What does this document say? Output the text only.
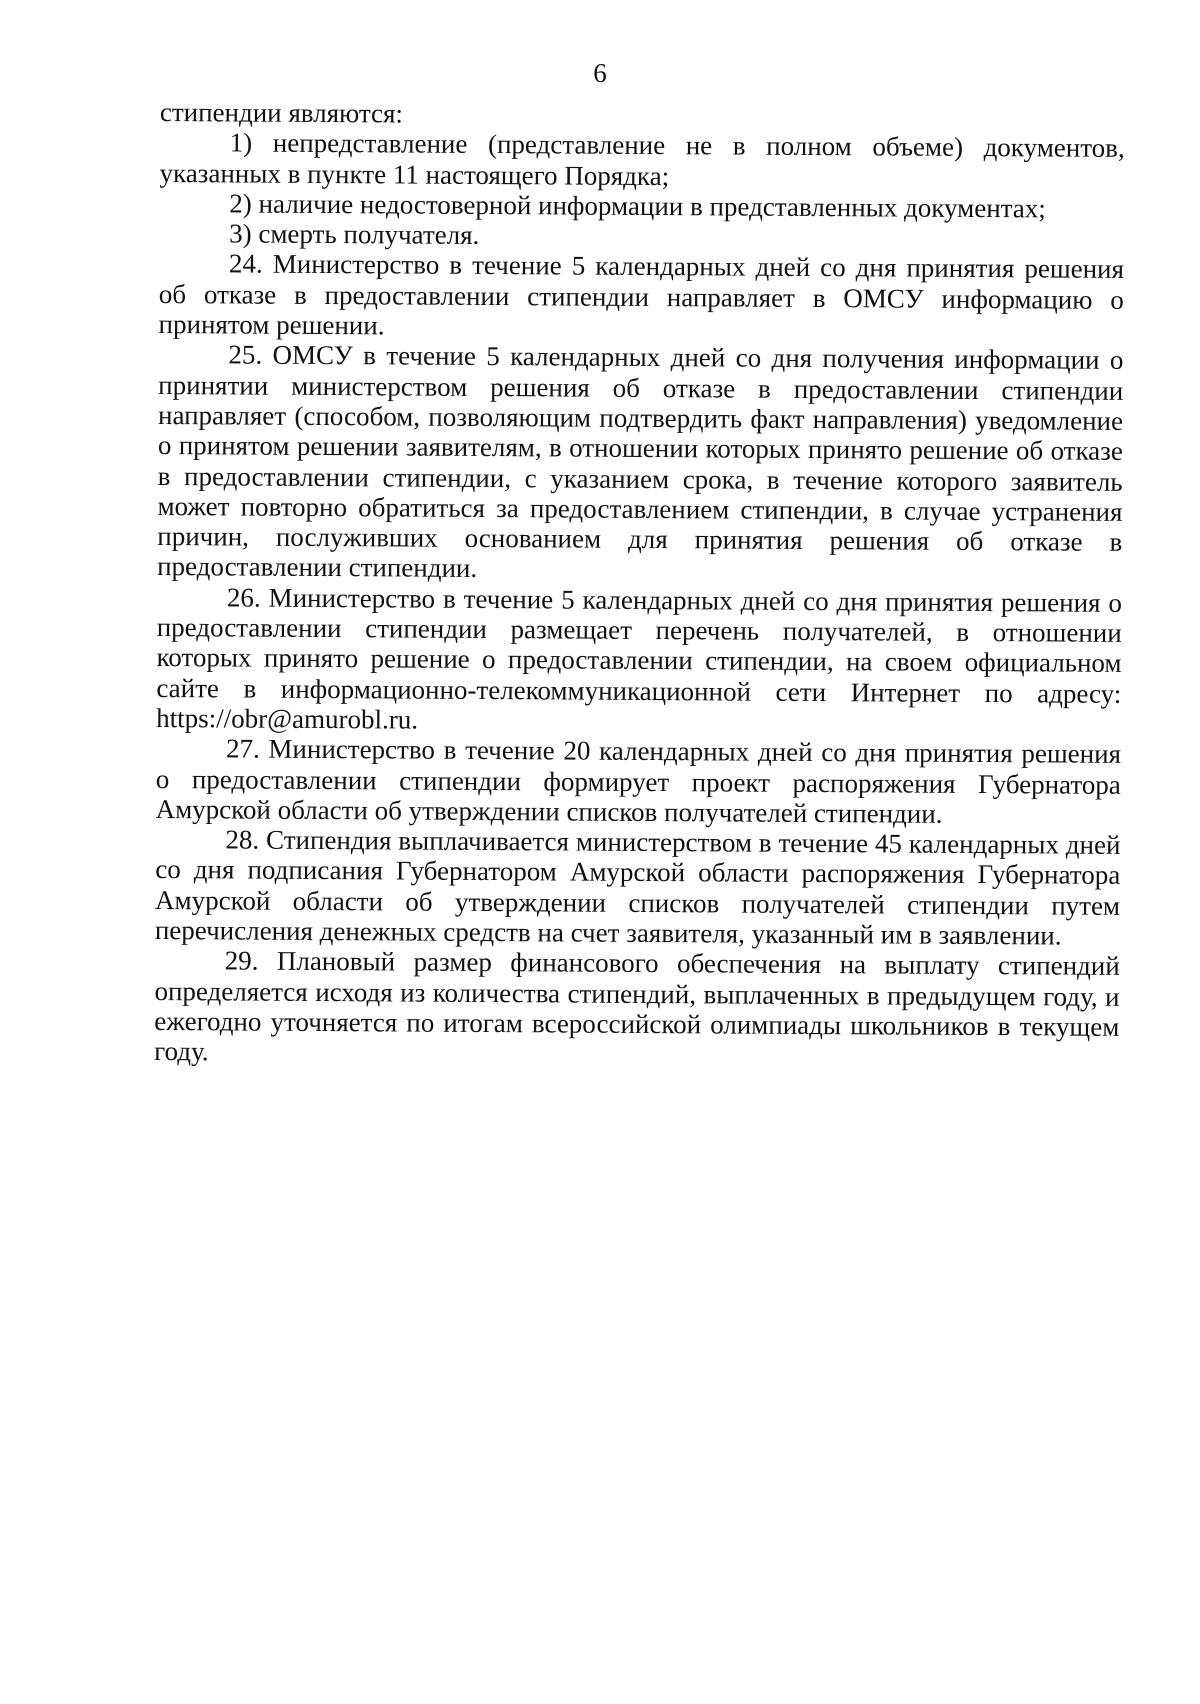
6

стипендии являются:

1) непредставление (представление не в полном объеме) документов, указанных в пункте 11 настоящего Порядка;

2) наличие недостоверной информации в представленных документах;

3) смерть получателя.

24. Министерство в течение 5 календарных дней со дня принятия решения об отказе в предоставлении стипендии направляет в ОМСУ информацию о принятом решении.

25. ОМСУ в течение 5 календарных дней со дня получения информации о принятии министерством решения об отказе в предоставлении стипендии направляет (способом, позволяющим подтвердить факт направления) уведомление о принятом решении заявителям, в отношении которых принято решение об отказе в предоставлении стипендии, с указанием срока, в течение которого заявитель может повторно обратиться за предоставлением стипендии, в случае устранения причин, послуживших основанием для принятия решения об отказе в предоставлении стипендии.

26. Министерство в течение 5 календарных дней со дня принятия решения о предоставлении стипендии размещает перечень получателей, в отношении которых принято решение о предоставлении стипендии, на своем официальном сайте в информационно-телекоммуникационной сети Интернет по адресу: https://obr@amurobl.ru.

27. Министерство в течение 20 календарных дней со дня принятия решения о предоставлении стипендии формирует проект распоряжения Губернатора Амурской области об утверждении списков получателей стипендии.

28. Стипендия выплачивается министерством в течение 45 календарных дней со дня подписания Губернатором Амурской области распоряжения Губернатора Амурской области об утверждении списков получателей стипендии путем перечисления денежных средств на счет заявителя, указанный им в заявлении.

29. Плановый размер финансового обеспечения на выплату стипендий определяется исходя из количества стипендий, выплаченных в предыдущем году, и ежегодно уточняется по итогам всероссийской олимпиады школьников в текущем году.
